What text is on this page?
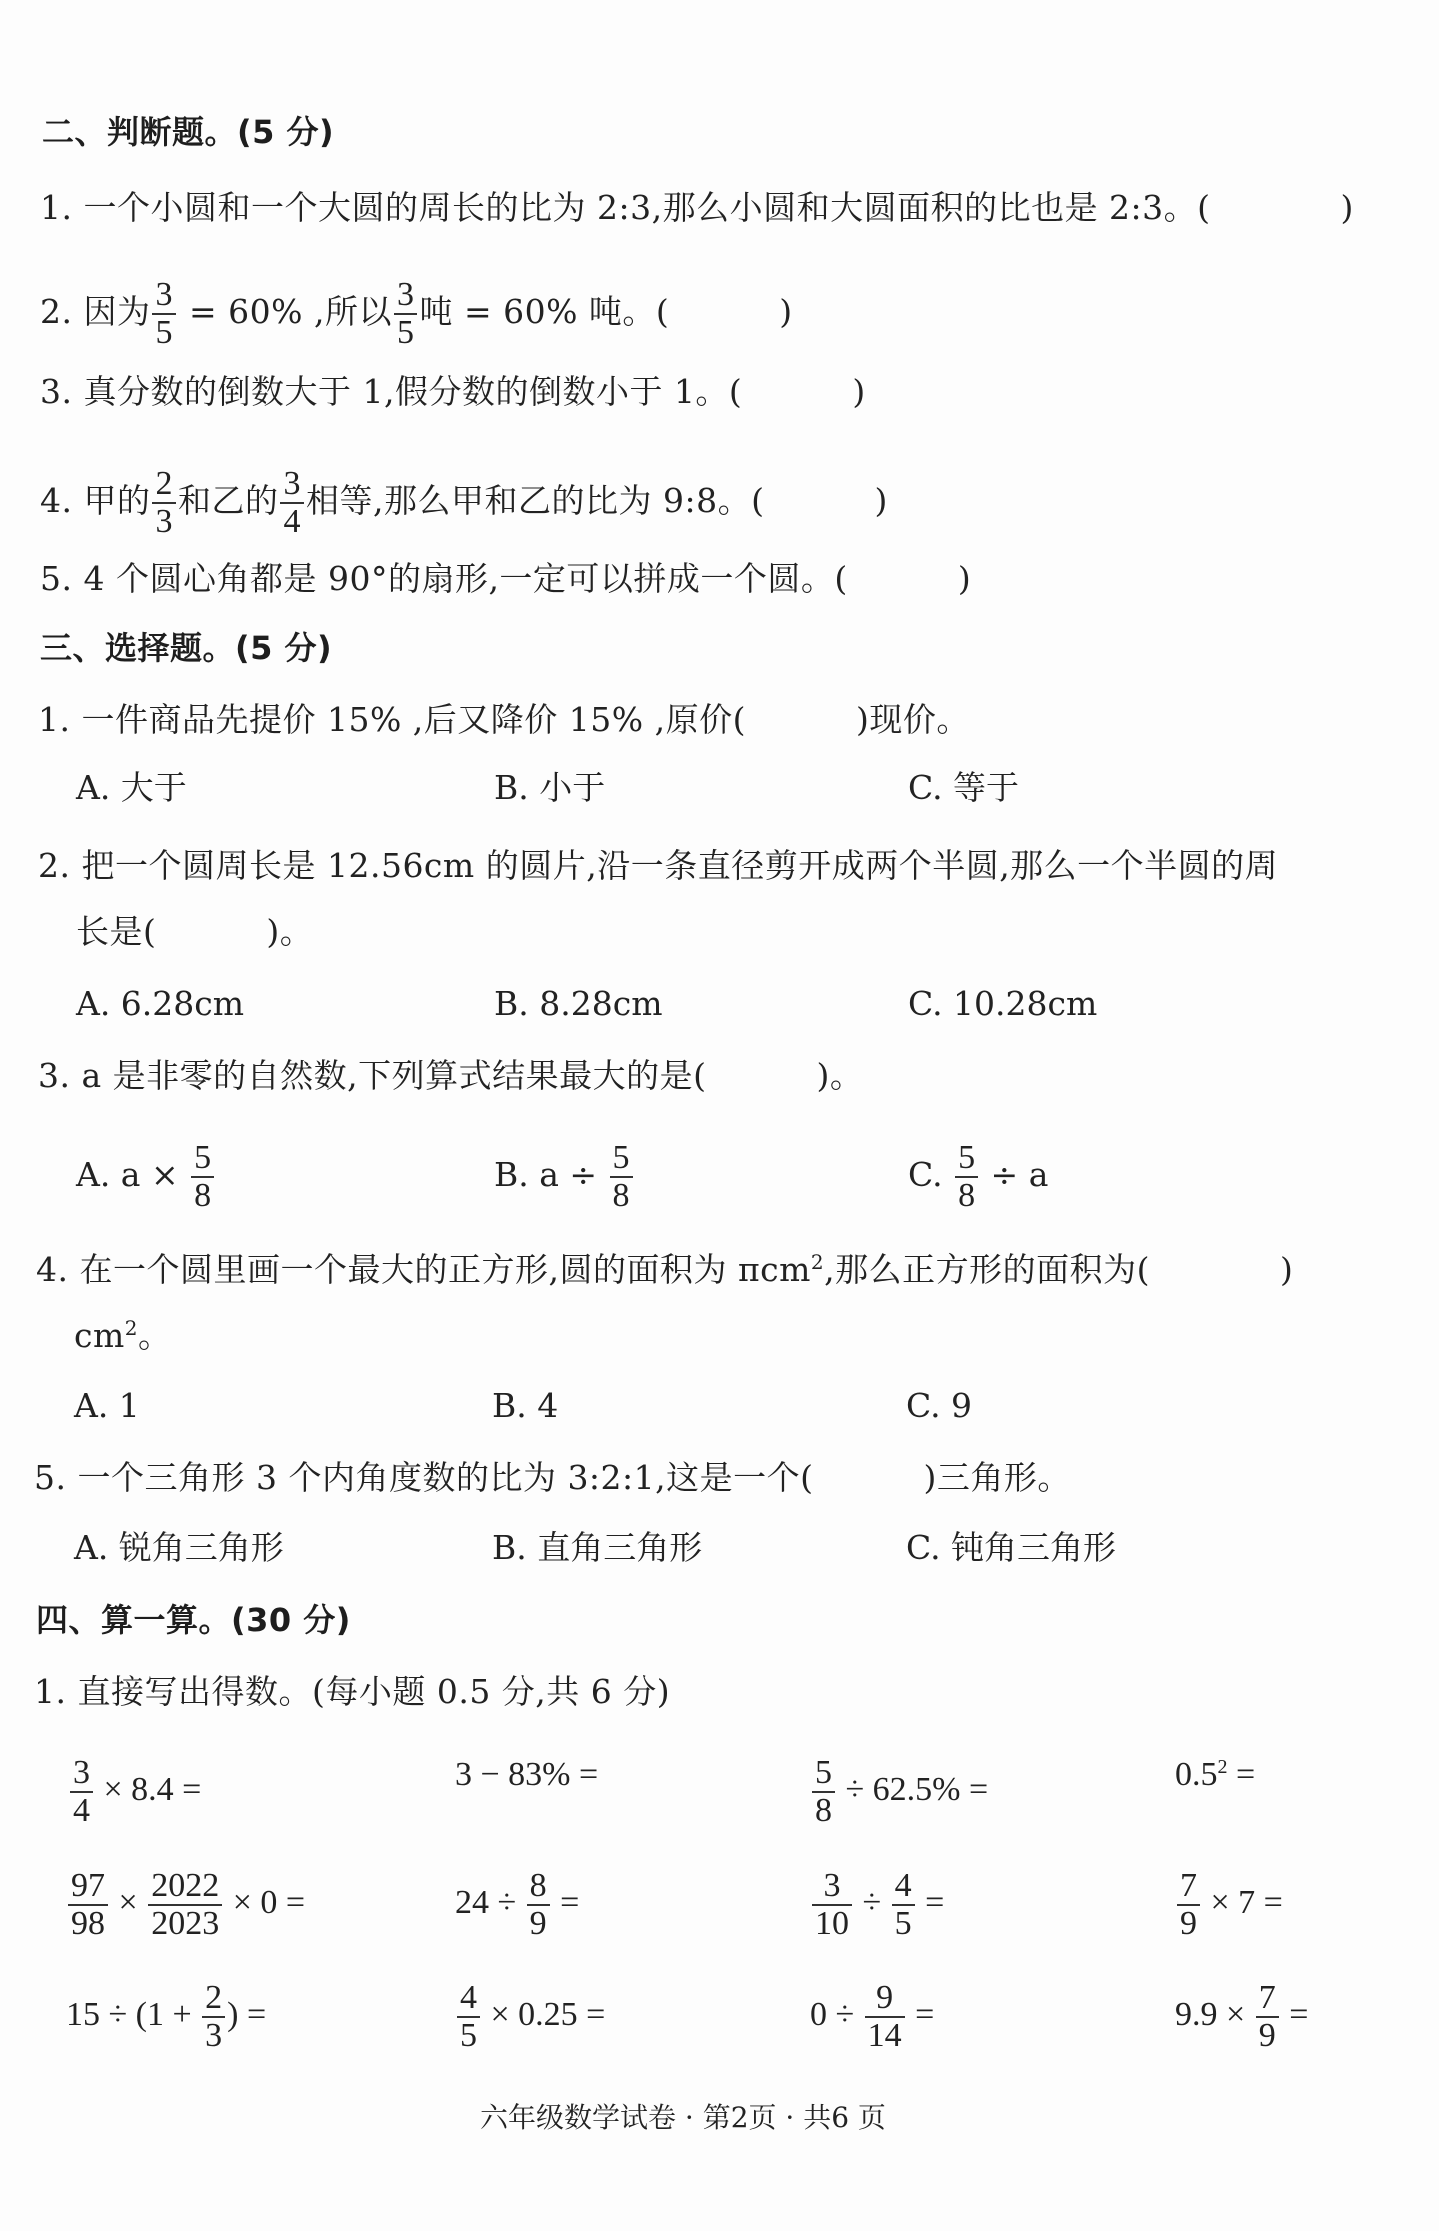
二、判断题。(5 分)
1. 一个小圆和一个大圆的周长的比为 2:3,那么小圆和大圆面积的比也是 2:3。(	)
2. 因为 $\frac{3}{5} = 60\%$ ,所以 $\frac{3}{5}$ 吨 = 60% 吨。(	)
3. 真分数的倒数大于 1,假分数的倒数小于 1。(	)
4. 甲的 $\frac{2}{3}$ 和乙的 $\frac{3}{4}$ 相等,那么甲和乙的比为 9:8。(	)
5. 4 个圆心角都是 90°的扇形,一定可以拼成一个圆。(	)
三、选择题。(5 分)
1. 一件商品先提价 15% ,后又降价 15% ,原价(	)现价。
A. 大于	B. 小于	C. 等于
2. 把一个圆周长是 12.56cm 的圆片,沿一条直径剪开成两个半圆,那么一个半圆的周
长是(	)。
A. 6.28cm	B. 8.28cm	C. 10.28cm
3. a 是非零的自然数,下列算式结果最大的是(	)。
A. $a \times \frac{5}{8}$	B. $a \div \frac{5}{8}$	C. $\frac{5}{8} \div a$
4. 在一个圆里画一个最大的正方形,圆的面积为 πcm$^2$,那么正方形的面积为(	)
$cm^2$。
A. 1	B. 4	C. 9
5. 一个三角形 3 个内角度数的比为 3:2:1,这是一个(	)三角形。
A. 锐角三角形	B. 直角三角形	C. 钝角三角形
四、算一算。(30 分)
1. 直接写出得数。(每小题 0.5 分,共 6 分)
$\frac{3}{4} \times 8.4$ =	3 − 83% =	$\frac{5}{8} \div 62.5\%$ =	$0.5^2$ =
$\frac{97}{98} \times \frac{2022}{2023} \times 0$ =	$24 \div \frac{8}{9}$ =	$\frac{3}{10} \div \frac{4}{5}$ =	$\frac{7}{9} \times 7$ =
$15 \div (1 + \frac{2}{3}$ ) =	$\frac{4}{5} \times 0.25$ =	$0 \div \frac{9}{14}$ =	$9.9 \times \frac{7}{9}$ =
六年级数学试卷 · 第2页 · 共6 页
